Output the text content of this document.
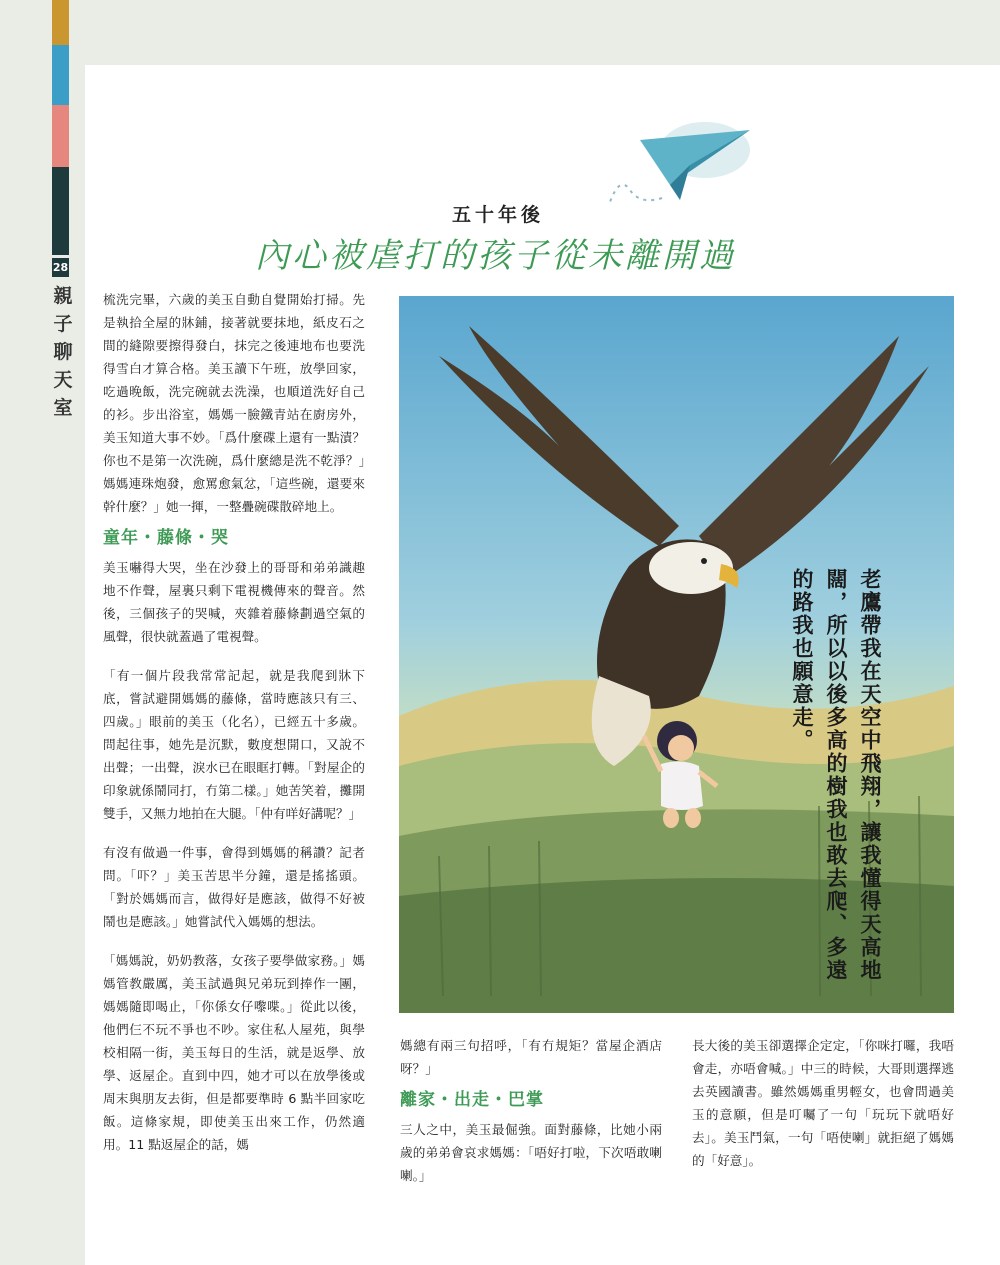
28
親子聊天室
五十年後
內心被虐打的孩子從未離開過

梳洗完畢，六歲的美玉自動自覺開始打掃。先是執拾全屋的牀鋪，接著就要抹地，紙皮石之間的縫隙要擦得發白，抹完之後連地布也要洗得雪白才算合格。美玉讀下午班，放學回家，吃過晚飯，洗完碗就去洗澡，也順道洗好自己的衫。步出浴室，媽媽一臉鐵青站在廚房外，美玉知道大事不妙。「爲什麼碟上還有一點漬？你也不是第一次洗碗，爲什麼總是洗不乾淨？」媽媽連珠炮發，愈罵愈氣忿，「這些碗，還要來幹什麼？」她一揮，一整疊碗碟散碎地上。

童年・藤條・哭

美玉嚇得大哭，坐在沙發上的哥哥和弟弟識趣地不作聲，屋裏只剩下電視機傳來的聲音。然後，三個孩子的哭喊，夾雜着藤條劃過空氣的風聲，很快就蓋過了電視聲。

「有一個片段我常常記起，就是我爬到牀下底，嘗試避開媽媽的藤條，當時應該只有三、四歲。」眼前的美玉（化名），已經五十多歲。問起往事，她先是沉默，數度想開口，又說不出聲；一出聲，淚水已在眼眶打轉。「對屋企的印象就係鬧同打，冇第二樣。」她苦笑着，攤開雙手，又無力地拍在大腿。「仲有咩好講呢？」

有沒有做過一件事，會得到媽媽的稱讚？記者問。「吓？」美玉苦思半分鐘，還是搖搖頭。「對於媽媽而言，做得好是應該，做得不好被鬧也是應該。」她嘗試代入媽媽的想法。

「媽媽說，奶奶教落，女孩子要學做家務。」媽媽管教嚴厲，美玉試過與兄弟玩到捧作一團，媽媽隨即喝止，「你係女仔嚟喋。」從此以後，他們仨不玩不爭也不吵。家住私人屋苑，與學校相隔一街，美玉每日的生活，就是返學、放學、返屋企。直到中四，她才可以在放學後或周末與朋友去街，但是都要準時 6 點半回家吃飯。這條家規，即使美玉出來工作，仍然適用。11 點返屋企的話，媽

老鷹帶我在天空中飛翔，讓我懂得天高地闊，所以以後多高的樹我也敢去爬、多遠的路我也願意走。

媽總有兩三句招呼，「有冇規矩？當屋企酒店呀？」

離家・出走・巴掌

三人之中，美玉最倔強。面對藤條，比她小兩歲的弟弟會哀求媽媽：「唔好打啦，下次唔敢喇喇。」

長大後的美玉卻選擇企定定，「你咪打囉，我唔會走，亦唔會喊。」中三的時候，大哥則選擇逃去英國讀書。雖然媽媽重男輕女，也會問過美玉的意願，但是叮囑了一句「玩玩下就唔好去」。美玉鬥氣，一句「唔使喇」就拒絕了媽媽的「好意」。
